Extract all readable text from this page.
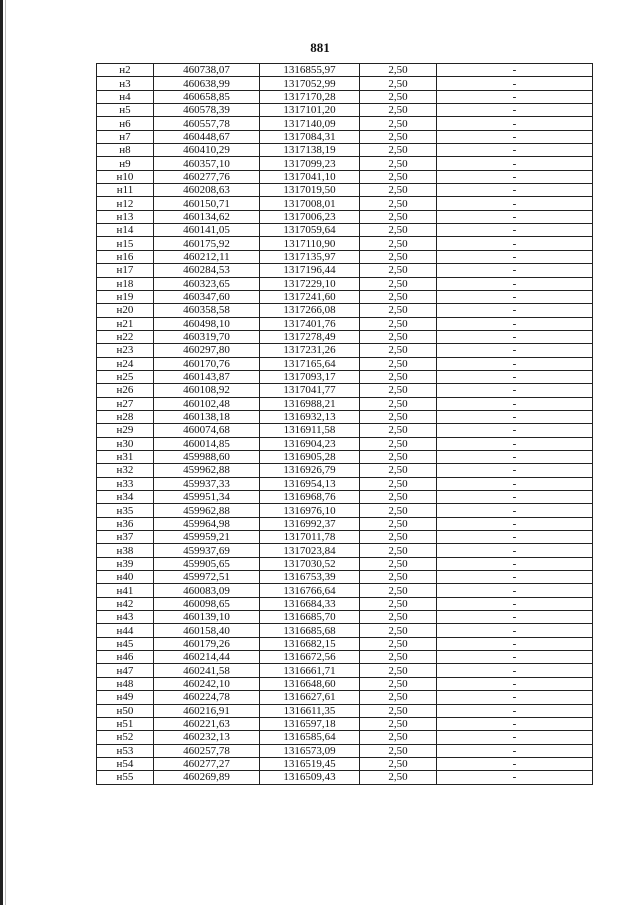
881
н2	460738,07	1316855,97	2,50	-
н3	460638,99	1317052,99	2,50	-
н4	460658,85	1317170,28	2,50	-
н5	460578,39	1317101,20	2,50	-
н6	460557,78	1317140,09	2,50	-
н7	460448,67	1317084,31	2,50	-
н8	460410,29	1317138,19	2,50	-
н9	460357,10	1317099,23	2,50	-
н10	460277,76	1317041,10	2,50	-
н11	460208,63	1317019,50	2,50	-
н12	460150,71	1317008,01	2,50	-
н13	460134,62	1317006,23	2,50	-
н14	460141,05	1317059,64	2,50	-
н15	460175,92	1317110,90	2,50	-
н16	460212,11	1317135,97	2,50	-
н17	460284,53	1317196,44	2,50	-
н18	460323,65	1317229,10	2,50	-
н19	460347,60	1317241,60	2,50	-
н20	460358,58	1317266,08	2,50	-
н21	460498,10	1317401,76	2,50	-
н22	460319,70	1317278,49	2,50	-
н23	460297,80	1317231,26	2,50	-
н24	460170,76	1317165,64	2,50	-
н25	460143,87	1317093,17	2,50	-
н26	460108,92	1317041,77	2,50	-
н27	460102,48	1316988,21	2,50	-
н28	460138,18	1316932,13	2,50	-
н29	460074,68	1316911,58	2,50	-
н30	460014,85	1316904,23	2,50	-
н31	459988,60	1316905,28	2,50	-
н32	459962,88	1316926,79	2,50	-
н33	459937,33	1316954,13	2,50	-
н34	459951,34	1316968,76	2,50	-
н35	459962,88	1316976,10	2,50	-
н36	459964,98	1316992,37	2,50	-
н37	459959,21	1317011,78	2,50	-
н38	459937,69	1317023,84	2,50	-
н39	459905,65	1317030,52	2,50	-
н40	459972,51	1316753,39	2,50	-
н41	460083,09	1316766,64	2,50	-
н42	460098,65	1316684,33	2,50	-
н43	460139,10	1316685,70	2,50	-
н44	460158,40	1316685,68	2,50	-
н45	460179,26	1316682,15	2,50	-
н46	460214,44	1316672,56	2,50	-
н47	460241,58	1316661,71	2,50	-
н48	460242,10	1316648,60	2,50	-
н49	460224,78	1316627,61	2,50	-
н50	460216,91	1316611,35	2,50	-
н51	460221,63	1316597,18	2,50	-
н52	460232,13	1316585,64	2,50	-
н53	460257,78	1316573,09	2,50	-
н54	460277,27	1316519,45	2,50	-
н55	460269,89	1316509,43	2,50	-
